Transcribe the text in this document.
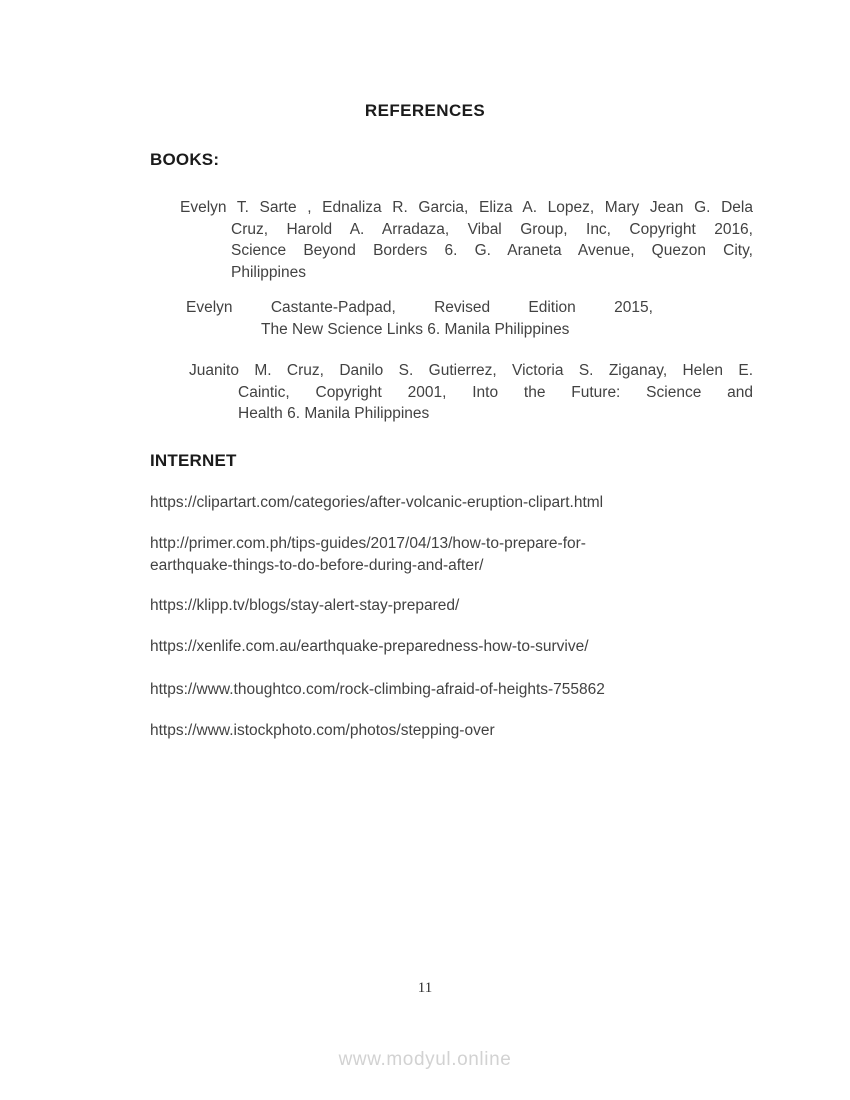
REFERENCES
BOOKS:
Evelyn T. Sarte , Ednaliza R. Garcia, Eliza A. Lopez, Mary Jean G. Dela
Cruz, Harold A. Arradaza, Vibal Group, Inc, Copyright 2016,
Science Beyond Borders 6. G. Araneta Avenue, Quezon City,
Philippines
Evelyn Castante-Padpad, Revised Edition 2015,
The New Science Links 6. Manila Philippines
Juanito M. Cruz, Danilo S. Gutierrez, Victoria S. Ziganay, Helen E.
Caintic, Copyright 2001, Into the Future: Science and
Health 6. Manila Philippines
INTERNET
https://clipartart.com/categories/after-volcanic-eruption-clipart.html
http://primer.com.ph/tips-guides/2017/04/13/how-to-prepare-for-
earthquake-things-to-do-before-during-and-after/
https://klipp.tv/blogs/stay-alert-stay-prepared/
https://xenlife.com.au/earthquake-preparedness-how-to-survive/
https://www.thoughtco.com/rock-climbing-afraid-of-heights-755862
https://www.istockphoto.com/photos/stepping-over
11
www.modyul.online
